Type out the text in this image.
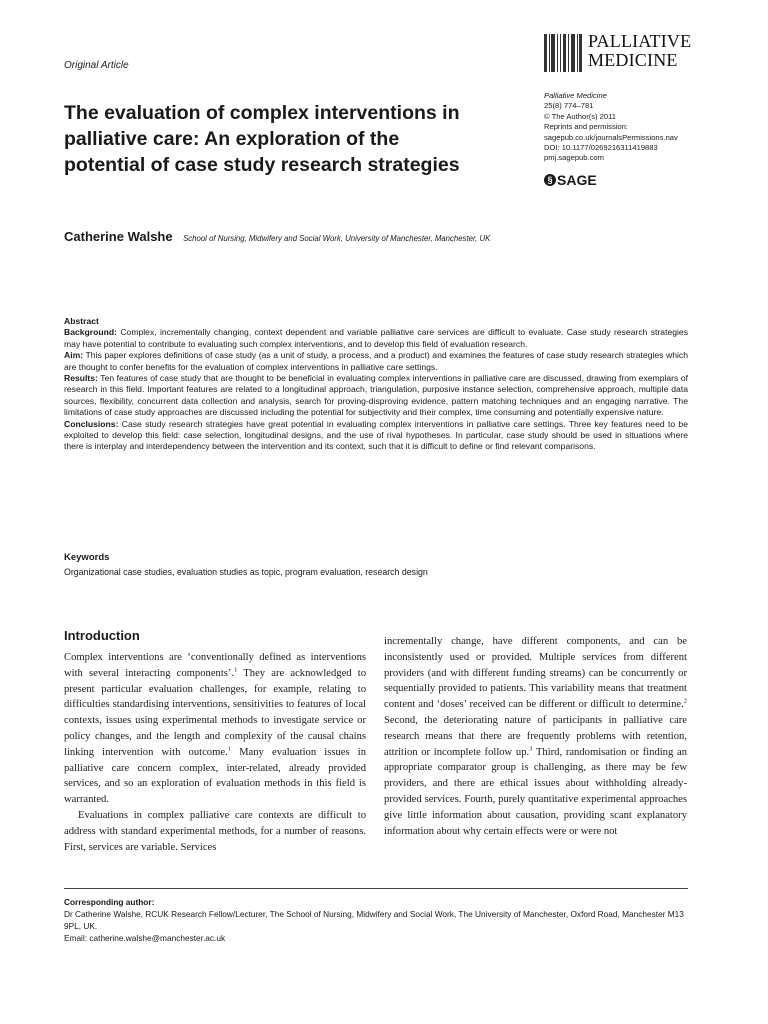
Original Article
PALLIATIVE
MEDICINE
Palliative Medicine
25(8) 774–781
© The Author(s) 2011
Reprints and permission:
sagepub.co.uk/journalsPermissions.nav
DOI: 10.1177/0269216311419883
pmj.sagepub.com
§ SAGE
The evaluation of complex interventions in palliative care: An exploration of the potential of case study research strategies
Catherine Walshe School of Nursing, Midwifery and Social Work, University of Manchester, Manchester, UK

Abstract

Background: Complex, incrementally changing, context dependent and variable palliative care services are difficult to evaluate. Case study research strategies may have potential to contribute to evaluating such complex interventions, and to develop this field of evaluation research.

Aim: This paper explores definitions of case study (as a unit of study, a process, and a product) and examines the features of case study research strategies which are thought to confer benefits for the evaluation of complex interventions in palliative care settings.

Results: Ten features of case study that are thought to be beneficial in evaluating complex interventions in palliative care are discussed, drawing from exemplars of research in this field. Important features are related to a longitudinal approach, triangulation, purposive instance selection, comprehensive approach, multiple data sources, flexibility, concurrent data collection and analysis, search for proving-disproving evidence, pattern matching techniques and an engaging narrative. The limitations of case study approaches are discussed including the potential for subjectivity and their complex, time consuming and potentially expensive nature.

Conclusions: Case study research strategies have great potential in evaluating complex interventions in palliative care settings. Three key features need to be exploited to develop this field: case selection, longitudinal designs, and the use of rival hypotheses. In particular, case study should be used in situations where there is interplay and interdependency between the intervention and its context, such that it is difficult to define or find relevant comparisons.

Keywords
Organizational case studies, evaluation studies as topic, program evaluation, research design
Introduction

Complex interventions are ‘conventionally defined as interventions with several interacting components’.$^1$ They are acknowledged to present particular evaluation challenges, for example, relating to difficulties standardising interventions, sensitivities to features of local contexts, issues using experimental methods to investigate service or policy changes, and the length and complexity of the causal chains linking intervention with outcome.$^1$ Many evaluation issues in palliative care concern complex, inter-related, already provided services, and so an exploration of evaluation methods in this field is warranted.

Evaluations in complex palliative care contexts are difficult to address with standard experimental methods, for a number of reasons. First, services are variable. Services

incrementally change, have different components, and can be inconsistently used or provided. Multiple services from different providers (and with different funding streams) can be concurrently or sequentially provided to patients. This variability means that treatment content and ‘doses’ received can be different or difficult to determine.$^2$ Second, the deteriorating nature of participants in palliative care research means that there are frequently problems with retention, attrition or incomplete follow up.$^3$ Third, randomisation or finding an appropriate comparator group is challenging, as there may be few providers, and there are ethical issues about withholding already-provided services. Fourth, purely quantitative experimental approaches give little information about causation, providing scant explanatory information about why certain effects were or were not

Corresponding author:
Dr Catherine Walshe, RCUK Research Fellow/Lecturer, The School of Nursing, Midwifery and Social Work, The University of Manchester, Oxford Road, Manchester M13 9PL, UK.
Email: catherine.walshe@manchester.ac.uk
